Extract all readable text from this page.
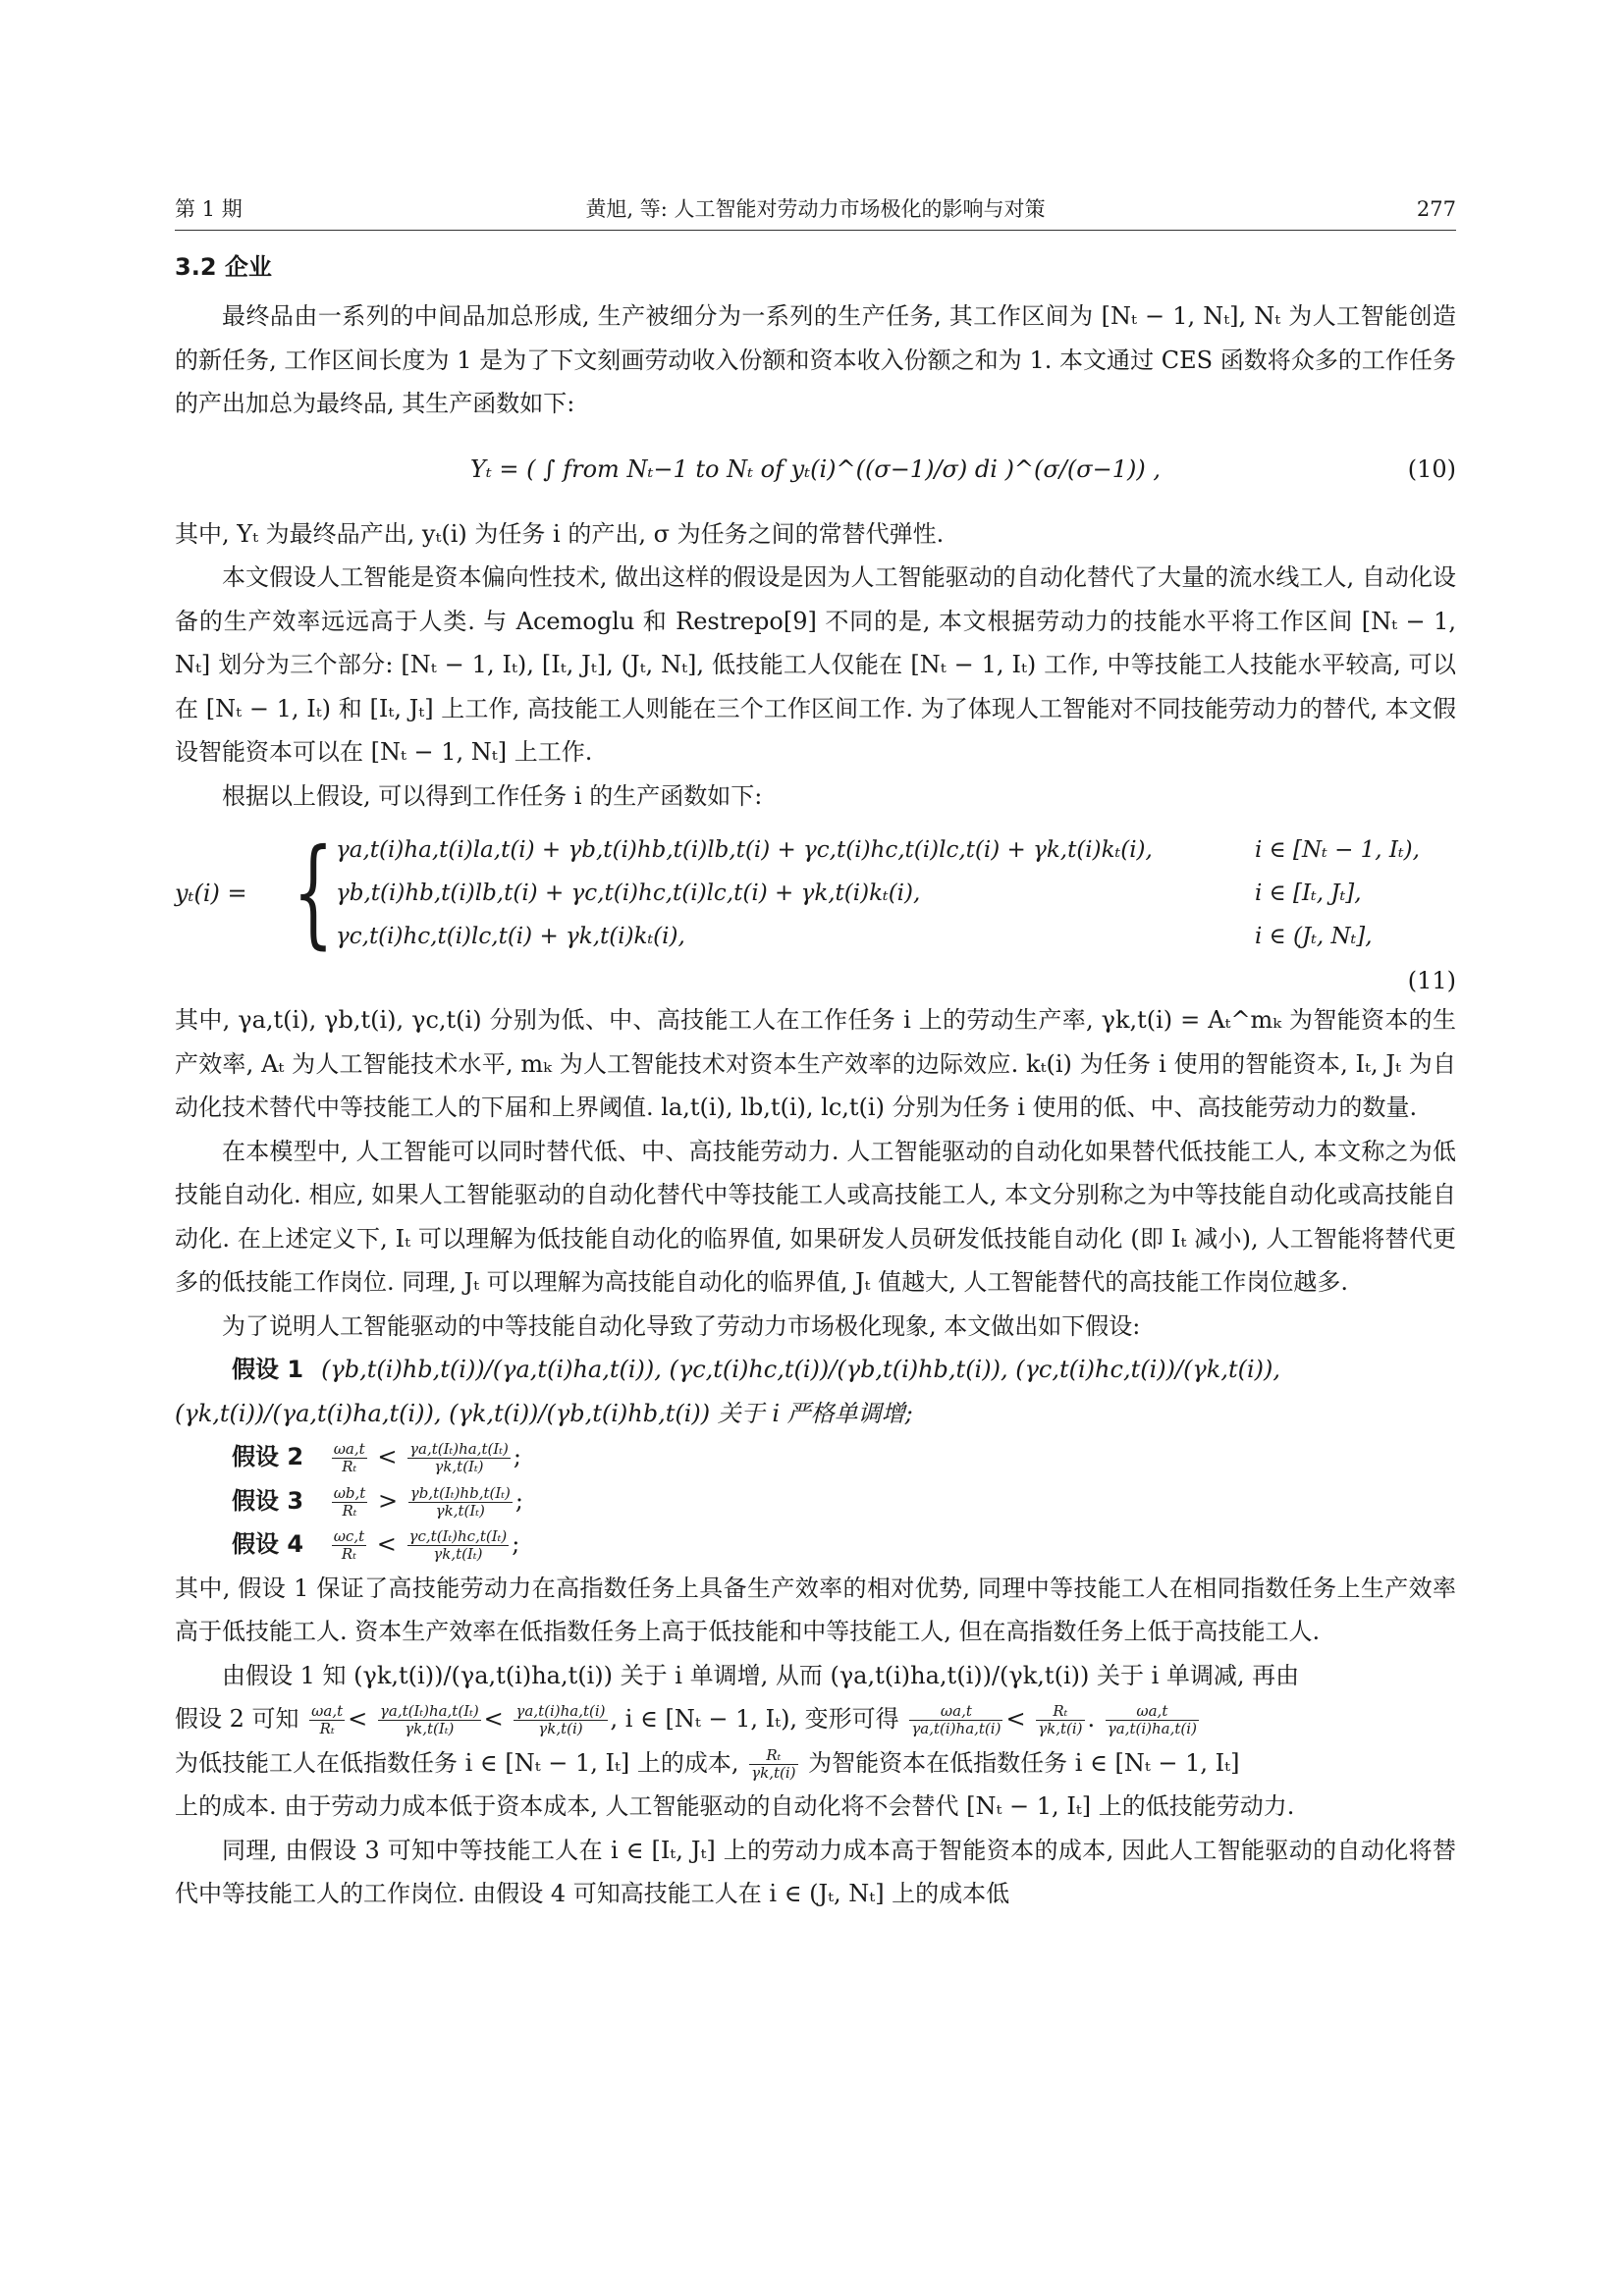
第 1 期	黄旭, 等: 人工智能对劳动力市场极化的影响与对策	277
3.2 企业

最终品由一系列的中间品加总形成, 生产被细分为一系列的生产任务, 其工作区间为 [Nₜ − 1, Nₜ], Nₜ 为人工智能创造的新任务, 工作区间长度为 1 是为了下文刻画劳动收入份额和资本收入份额之和为 1. 本文通过 CES 函数将众多的工作任务的产出加总为最终品, 其生产函数如下:

Yₜ = ( ∫ from Nₜ−1 to Nₜ of yₜ(i)^((σ−1)/σ) di )^(σ/(σ−1)) ,	(10)

其中, Yₜ 为最终品产出, yₜ(i) 为任务 i 的产出, σ 为任务之间的常替代弹性.

本文假设人工智能是资本偏向性技术, 做出这样的假设是因为人工智能驱动的自动化替代了大量的流水线工人, 自动化设备的生产效率远远高于人类. 与 Acemoglu 和 Restrepo[9] 不同的是, 本文根据劳动力的技能水平将工作区间 [Nₜ − 1, Nₜ] 划分为三个部分: [Nₜ − 1, Iₜ), [Iₜ, Jₜ], (Jₜ, Nₜ], 低技能工人仅能在 [Nₜ − 1, Iₜ) 工作, 中等技能工人技能水平较高, 可以在 [Nₜ − 1, Iₜ) 和 [Iₜ, Jₜ] 上工作, 高技能工人则能在三个工作区间工作. 为了体现人工智能对不同技能劳动力的替代, 本文假设智能资本可以在 [Nₜ − 1, Nₜ] 上工作.

根据以上假设, 可以得到工作任务 i 的生产函数如下:

yₜ(i) = { γa,t(i)ha,t(i)la,t(i) + γb,t(i)hb,t(i)lb,t(i) + γc,t(i)hc,t(i)lc,t(i) + γk,t(i)kₜ(i),	i ∈ [Nₜ − 1, Iₜ),
γb,t(i)hb,t(i)lb,t(i) + γc,t(i)hc,t(i)lc,t(i) + γk,t(i)kₜ(i),	i ∈ [Iₜ, Jₜ],
γc,t(i)hc,t(i)lc,t(i) + γk,t(i)kₜ(i),	i ∈ (Jₜ, Nₜ],
(11)

其中, γa,t(i), γb,t(i), γc,t(i) 分别为低、中、高技能工人在工作任务 i 上的劳动生产率, γk,t(i) = Aₜ^mₖ 为智能资本的生产效率, Aₜ 为人工智能技术水平, mₖ 为人工智能技术对资本生产效率的边际效应. kₜ(i) 为任务 i 使用的智能资本, Iₜ, Jₜ 为自动化技术替代中等技能工人的下届和上界阈值. la,t(i), lb,t(i), lc,t(i) 分别为任务 i 使用的低、中、高技能劳动力的数量.

在本模型中, 人工智能可以同时替代低、中、高技能劳动力. 人工智能驱动的自动化如果替代低技能工人, 本文称之为低技能自动化. 相应, 如果人工智能驱动的自动化替代中等技能工人或高技能工人, 本文分别称之为中等技能自动化或高技能自动化. 在上述定义下, Iₜ 可以理解为低技能自动化的临界值, 如果研发人员研发低技能自动化 (即 Iₜ 减小), 人工智能将替代更多的低技能工作岗位. 同理, Jₜ 可以理解为高技能自动化的临界值, Jₜ 值越大, 人工智能替代的高技能工作岗位越多.

为了说明人工智能驱动的中等技能自动化导致了劳动力市场极化现象, 本文做出如下假设:

假设 1 (γb,t(i)hb,t(i))/(γa,t(i)ha,t(i)), (γc,t(i)hc,t(i))/(γb,t(i)hb,t(i)), (γc,t(i)hc,t(i))/(γk,t(i)),

(γk,t(i))/(γa,t(i)ha,t(i)), (γk,t(i))/(γb,t(i)hb,t(i)) 关于 i 严格单调增;

假设 $2 \frac{\omega a,t}{\text{Rₜ}} < \frac{\text{γa,t(Iₜ)ha,t(Iₜ)}}{\text{γk,t(Iₜ)}}$ ;

假设 $3 \frac{\omega b,t}{\text{Rₜ}} > \frac{\text{γb,t(Iₜ)hb,t(Iₜ)}}{\text{γk,t(Iₜ)}}$ ;

假设 $4 \frac{\omega c,t}{\text{Rₜ}} < \frac{\text{γc,t(Iₜ)hc,t(Iₜ)}}{\text{γk,t(Iₜ)}}$ ;

其中, 假设 1 保证了高技能劳动力在高指数任务上具备生产效率的相对优势, 同理中等技能工人在相同指数任务上生产效率高于低技能工人. 资本生产效率在低指数任务上高于低技能和中等技能工人, 但在高指数任务上低于高技能工人.

由假设 1 知 (γk,t(i))/(γa,t(i)ha,t(i)) 关于 i 单调增, 从而 (γa,t(i)ha,t(i))/(γk,t(i)) 关于 i 单调减, 再由

假设 2 可知 $\frac{\omega a,t}{\text{Rₜ}} < \frac{\text{γa,t(Iₜ)ha,t(Iₜ)}}{\text{γk,t(Iₜ)}} < \frac{\gamma a,t(i)ha,t(i)}{\gamma k,t(i)}$ , i ∈ [Nₜ − 1, Iₜ), 变形可得 $\frac{\omega a,t}{\gamma a,t(i)ha,t(i)} < \frac{\text{Rₜ}}{\gamma k,t(i)}$ . $\frac{\omega a,t}{\gamma a,t(i)ha,t(i)}$

为低技能工人在低指数任务 i ∈ [Nₜ − 1, Iₜ] 上的成本, $\frac{\text{Rₜ}}{\gamma k,t(i)}$ 为智能资本在低指数任务 i ∈ [Nₜ − 1, Iₜ]

上的成本. 由于劳动力成本低于资本成本, 人工智能驱动的自动化将不会替代 [Nₜ − 1, Iₜ] 上的低技能劳动力.

同理, 由假设 3 可知中等技能工人在 i ∈ [Iₜ, Jₜ] 上的劳动力成本高于智能资本的成本, 因此人工智能驱动的自动化将替代中等技能工人的工作岗位. 由假设 4 可知高技能工人在 i ∈ (Jₜ, Nₜ] 上的成本低
